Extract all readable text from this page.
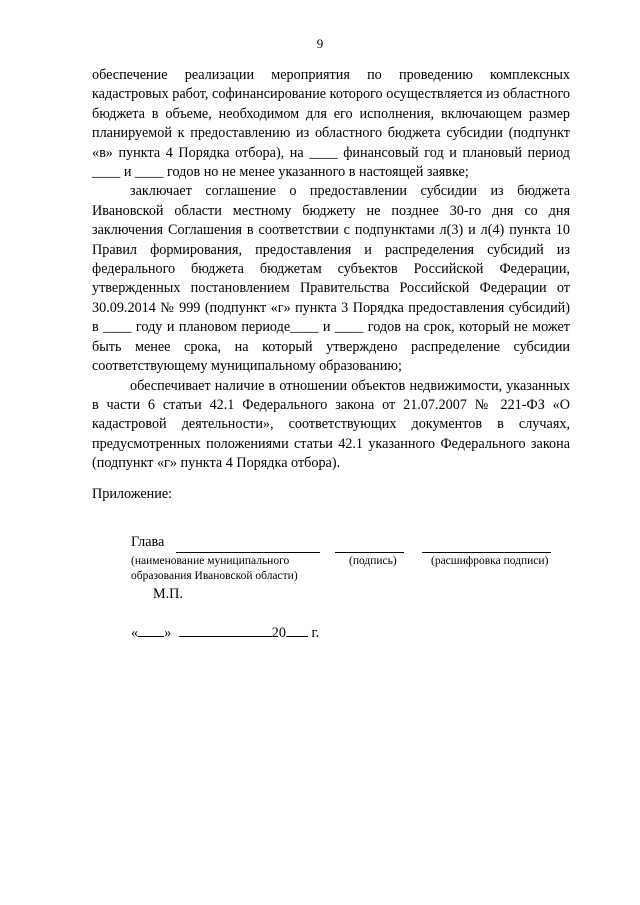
9

обеспечение реализации мероприятия по проведению комплексных кадастровых работ, софинансирование которого осуществляется из областного бюджета в объеме, необходимом для его исполнения, включающем размер планируемой к предоставлению из областного бюджета субсидии (подпункт «в» пункта 4 Порядка отбора), на ____ финансовый год и плановый период ____ и ____ годов но не менее указанного в настоящей заявке;

заключает соглашение о предоставлении субсидии из бюджета Ивановской области местному бюджету не позднее 30-го дня со дня заключения Соглашения в соответствии с подпунктами л(3) и л(4) пункта 10 Правил формирования, предоставления и распределения субсидий из федерального бюджета бюджетам субъектов Российской Федерации, утвержденных постановлением Правительства Российской Федерации от 30.09.2014 № 999 (подпункт «г» пункта 3 Порядка предоставления субсидий) в ____ году и плановом периоде____ и ____ годов на срок, который не может быть менее срока, на который утверждено распределение субсидии соответствующему муниципальному образованию;

обеспечивает наличие в отношении объектов недвижимости, указанных в части 6 статьи 42.1 Федерального закона от 21.07.2007 № 221-ФЗ «О кадастровой деятельности», соответствующих документов в случаях, предусмотренных положениями статьи 42.1 указанного Федерального закона (подпункт «г» пункта 4 Порядка отбора).

Приложение:
Глава
(наименование муниципального образования Ивановской области)
(подпись)	(расшифровка подписи)
М.П.
« »	20 г.
